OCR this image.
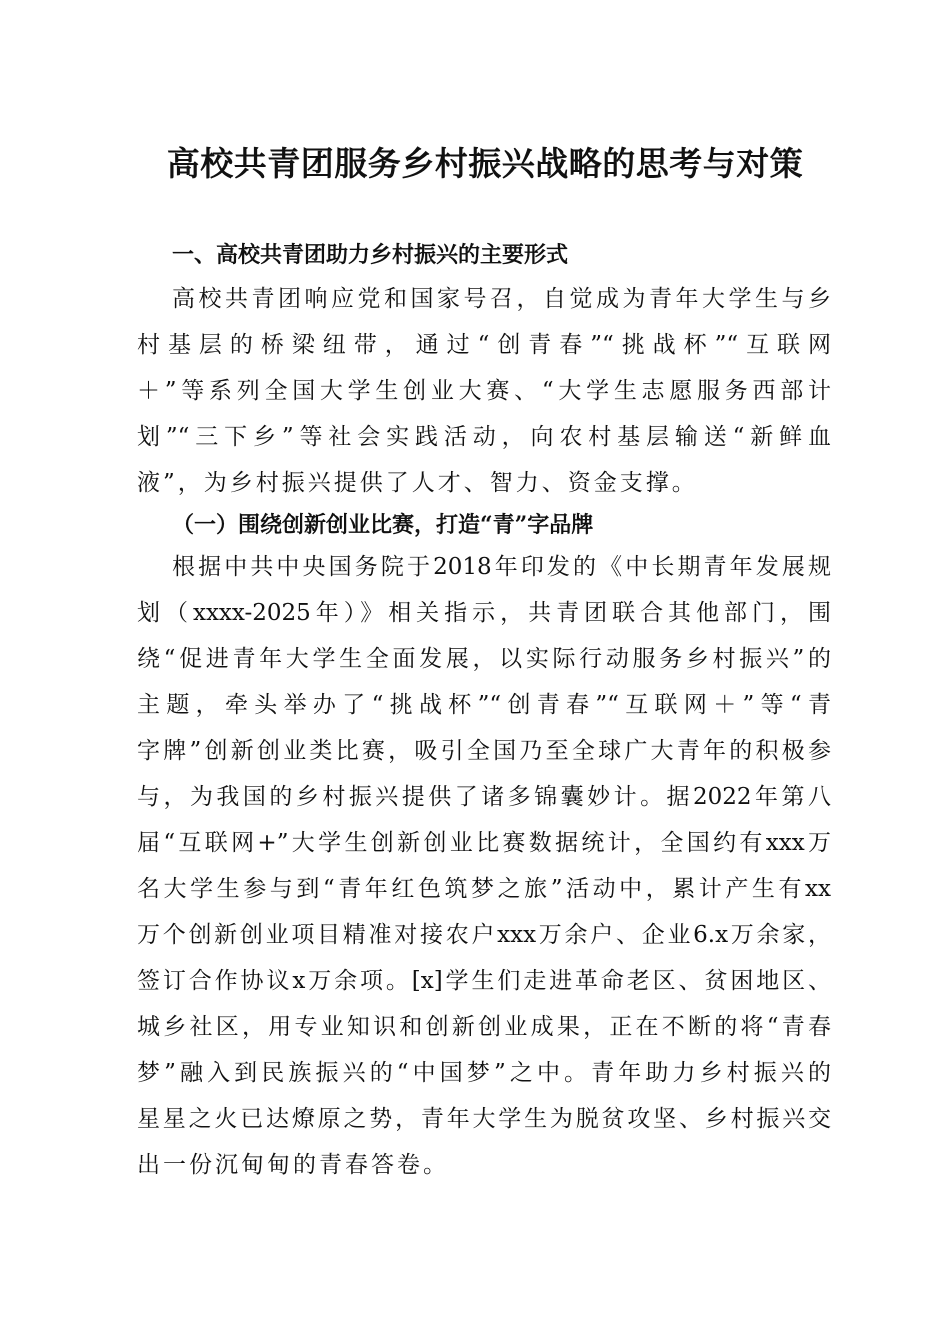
高校共青团服务乡村振兴战略的思考与对策
一、高校共青团助力乡村振兴的主要形式
高校共青团响应党和国家号召，自觉成为青年大学生与乡
村基层的桥梁纽带，通过“创青春”“挑战杯”“互联网
＋”等系列全国大学生创业大赛、“大学生志愿服务西部计
划”“三下乡”等社会实践活动，向农村基层输送“新鲜血
液”，为乡村振兴提供了人才、智力、资金支撑。
（一）围绕创新创业比赛，打造“青”字品牌
根据中共中央国务院于2018年印发的《中长期青年发展规
划（xxxx-2025年）》相关指示，共青团联合其他部门，围
绕“促进青年大学生全面发展，以实际行动服务乡村振兴”的
主题，牵头举办了“挑战杯”“创青春”“互联网＋”等“青
字牌”创新创业类比赛，吸引全国乃至全球广大青年的积极参
与，为我国的乡村振兴提供了诸多锦囊妙计。据2022年第八
届“互联网+”大学生创新创业比赛数据统计，全国约有xxx万
名大学生参与到“青年红色筑梦之旅”活动中，累计产生有xx
万个创新创业项目精准对接农户xxx万余户、企业6.x万余家，
签订合作协议x万余项。[x]学生们走进革命老区、贫困地区、
城乡社区，用专业知识和创新创业成果，正在不断的将“青春
梦”融入到民族振兴的“中国梦”之中。青年助力乡村振兴的
星星之火已达燎原之势，青年大学生为脱贫攻坚、乡村振兴交
出一份沉甸甸的青春答卷。
